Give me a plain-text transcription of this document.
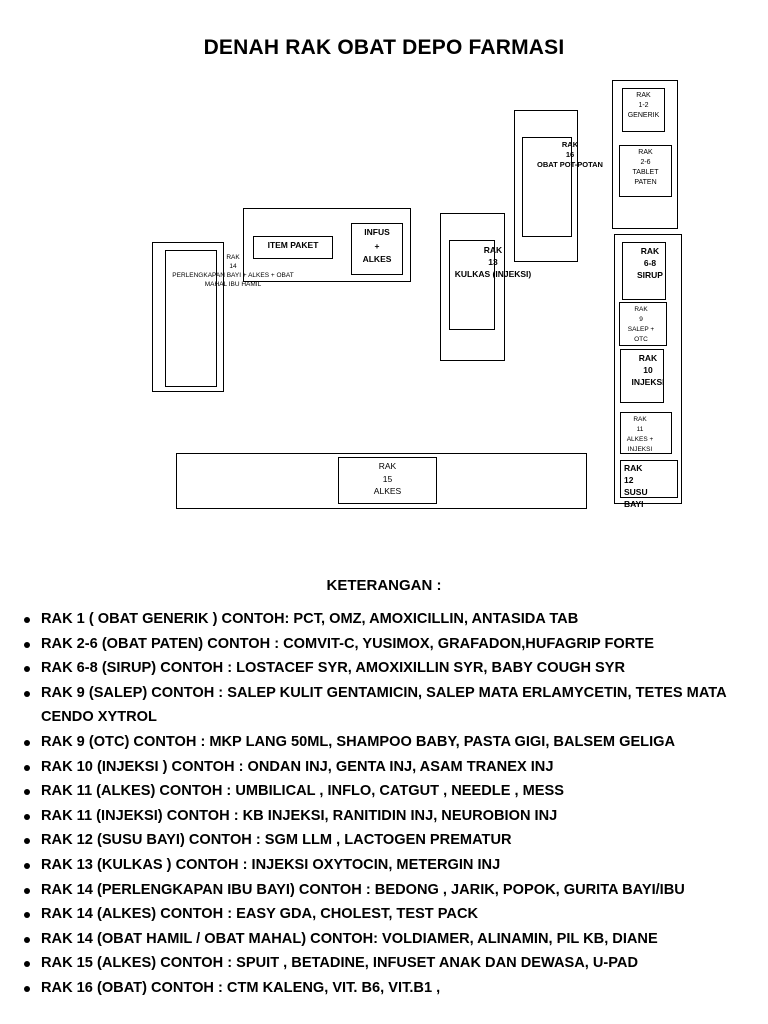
DENAH RAK OBAT DEPO FARMASI
RAK
14
PERLENGKAPAN BAYI + ALKES + OBAT
MAHAL IBU HAMIL
ITEM PAKET
INFUS
+
ALKES
RAK
13
KULKAS (INJEKSI)
RAK
16
OBAT POT-POTAN
RAK
1-2
GENERIK
RAK
2-6
TABLET
PATEN
RAK
6-8
SIRUP
RAK
9
SALEP +
OTC
RAK
10
INJEKSI
RAK
11
ALKES +
INJEKSI
RAK
12
SUSU
BAYI
RAK
15
ALKES
KETERANGAN :
RAK 1 ( OBAT GENERIK ) CONTOH: PCT, OMZ, AMOXICILLIN, ANTASIDA TAB
RAK 2-6 (OBAT PATEN) CONTOH : COMVIT-C, YUSIMOX, GRAFADON,HUFAGRIP FORTE
RAK 6-8 (SIRUP) CONTOH : LOSTACEF SYR, AMOXIXILLIN SYR, BABY COUGH SYR
RAK 9 (SALEP) CONTOH : SALEP KULIT GENTAMICIN, SALEP MATA ERLAMYCETIN, TETES MATA CENDO XYTROL
RAK 9 (OTC) CONTOH : MKP LANG 50ML, SHAMPOO BABY, PASTA GIGI, BALSEM GELIGA
RAK 10 (INJEKSI ) CONTOH : ONDAN INJ, GENTA INJ, ASAM TRANEX INJ
RAK 11 (ALKES) CONTOH : UMBILICAL , INFLO, CATGUT , NEEDLE , MESS
RAK 11 (INJEKSI) CONTOH : KB INJEKSI, RANITIDIN INJ, NEUROBION INJ
RAK 12 (SUSU BAYI) CONTOH : SGM LLM , LACTOGEN PREMATUR
RAK 13 (KULKAS ) CONTOH : INJEKSI OXYTOCIN, METERGIN INJ
RAK 14 (PERLENGKAPAN IBU BAYI) CONTOH : BEDONG , JARIK, POPOK, GURITA BAYI/IBU
RAK 14 (ALKES) CONTOH : EASY GDA, CHOLEST, TEST PACK
RAK 14 (OBAT HAMIL / OBAT MAHAL) CONTOH: VOLDIAMER, ALINAMIN, PIL KB, DIANE
RAK 15 (ALKES) CONTOH : SPUIT , BETADINE, INFUSET ANAK DAN DEWASA, U-PAD
RAK 16 (OBAT) CONTOH : CTM KALENG, VIT. B6, VIT.B1 ,
